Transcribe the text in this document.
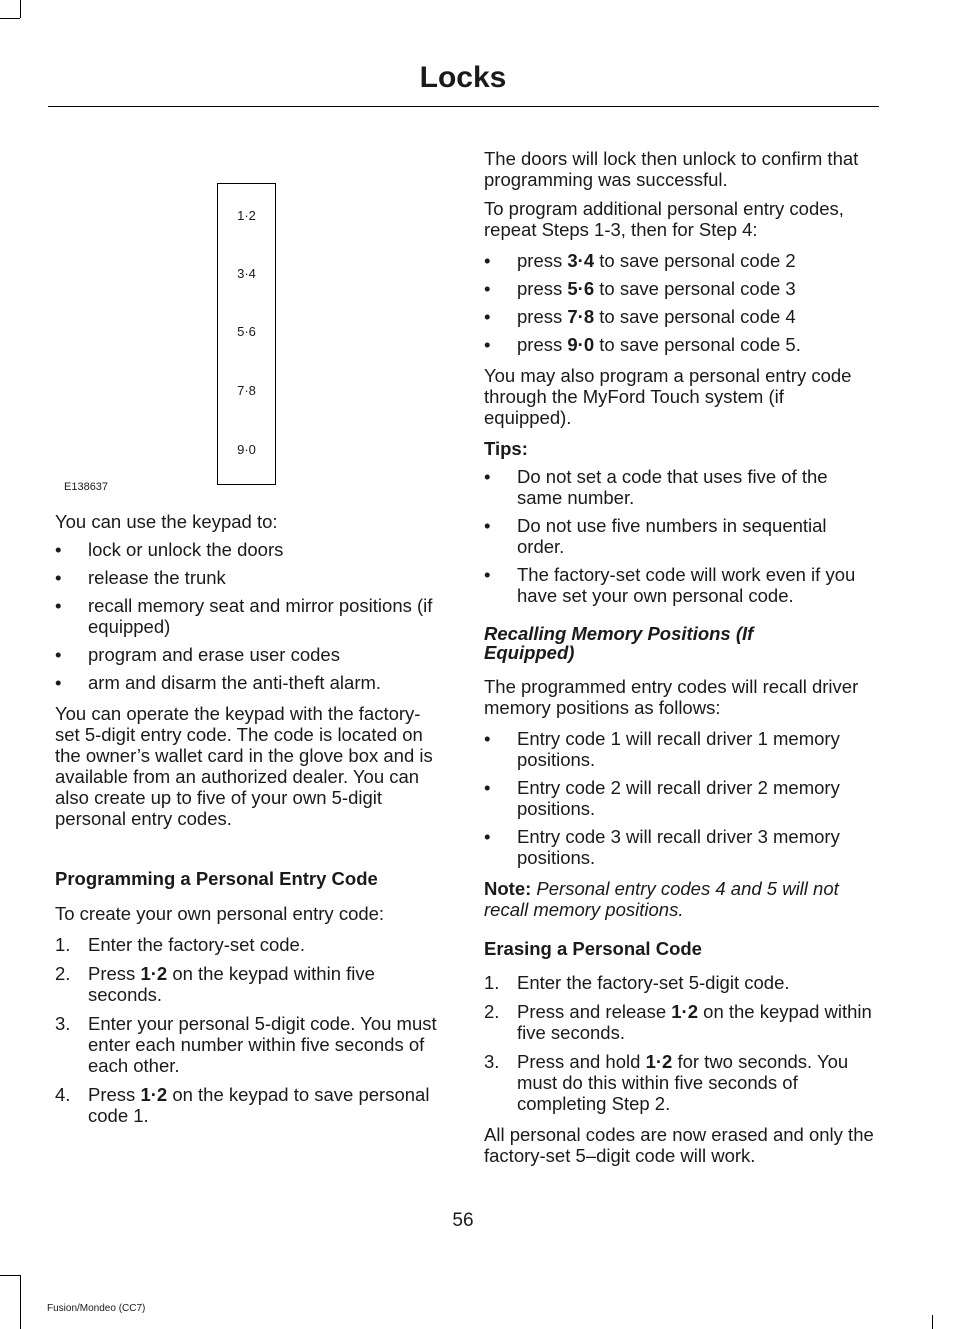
Locks
1·2
3·4
5·6
7·8
9·0
E138637

You can use the keypad to:

• lock or unlock the doors
• release the trunk
• recall memory seat and mirror positions (if equipped)
• program and erase user codes
• arm and disarm the anti-theft alarm.

You can operate the keypad with the factory-set 5-digit entry code. The code is located on the owner’s wallet card in the glove box and is available from an authorized dealer. You can also create up to five of your own 5-digit personal entry codes.

Programming a Personal Entry Code

To create your own personal entry code:

1. Enter the factory-set code.
2. Press 1·2 on the keypad within five seconds.
3. Enter your personal 5-digit code. You must enter each number within five seconds of each other.
4. Press 1·2 on the keypad to save personal code 1.

The doors will lock then unlock to confirm that programming was successful.

To program additional personal entry codes, repeat Steps 1-3, then for Step 4:

• press 3·4 to save personal code 2
• press 5·6 to save personal code 3
• press 7·8 to save personal code 4
• press 9·0 to save personal code 5.

You may also program a personal entry code through the MyFord Touch system (if equipped).

Tips:

• Do not set a code that uses five of the same number.
• Do not use five numbers in sequential order.
• The factory-set code will work even if you have set your own personal code.

Recalling Memory Positions (If Equipped)

The programmed entry codes will recall driver memory positions as follows:

• Entry code 1 will recall driver 1 memory positions.
• Entry code 2 will recall driver 2 memory positions.
• Entry code 3 will recall driver 3 memory positions.

Note: Personal entry codes 4 and 5 will not recall memory positions.

Erasing a Personal Code

1. Enter the factory-set 5-digit code.
2. Press and release 1·2 on the keypad within five seconds.
3. Press and hold 1·2 for two seconds. You must do this within five seconds of completing Step 2.

All personal codes are now erased and only the factory-set 5–digit code will work.

56
Fusion/Mondeo (CC7)
